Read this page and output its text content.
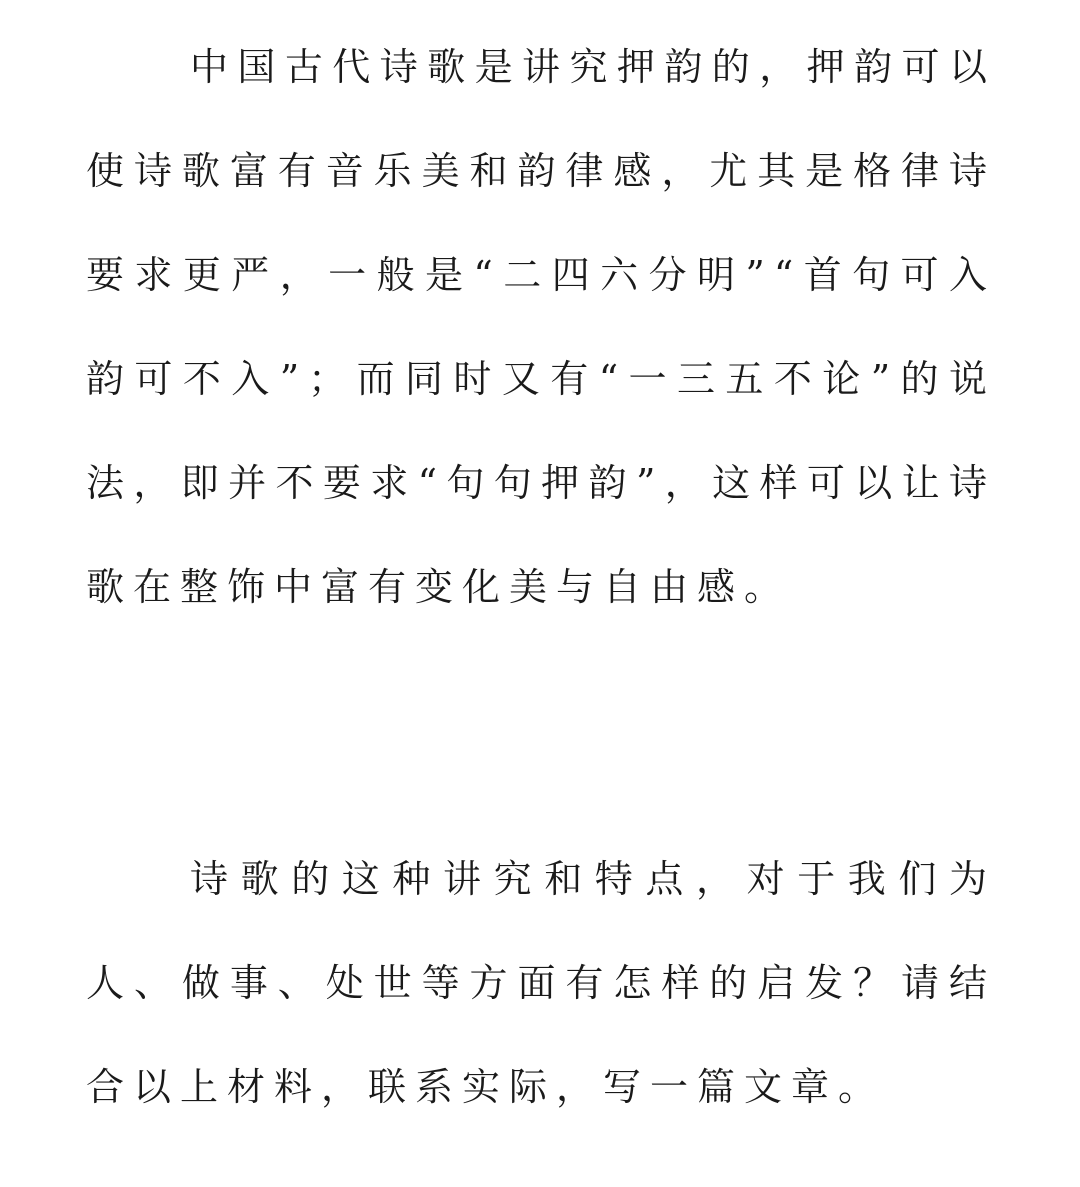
中国古代诗歌是讲究押韵的，押韵可以使诗歌富有音乐美和韵律感，尤其是格律诗要求更严，一般是“二四六分明”“首句可入韵可不入”；而同时又有“一三五不论”的说法，即并不要求“句句押韵”，这样可以让诗歌在整饰中富有变化美与自由感。

诗歌的这种讲究和特点，对于我们为人、做事、处世等方面有怎样的启发？请结合以上材料，联系实际，写一篇文章。
